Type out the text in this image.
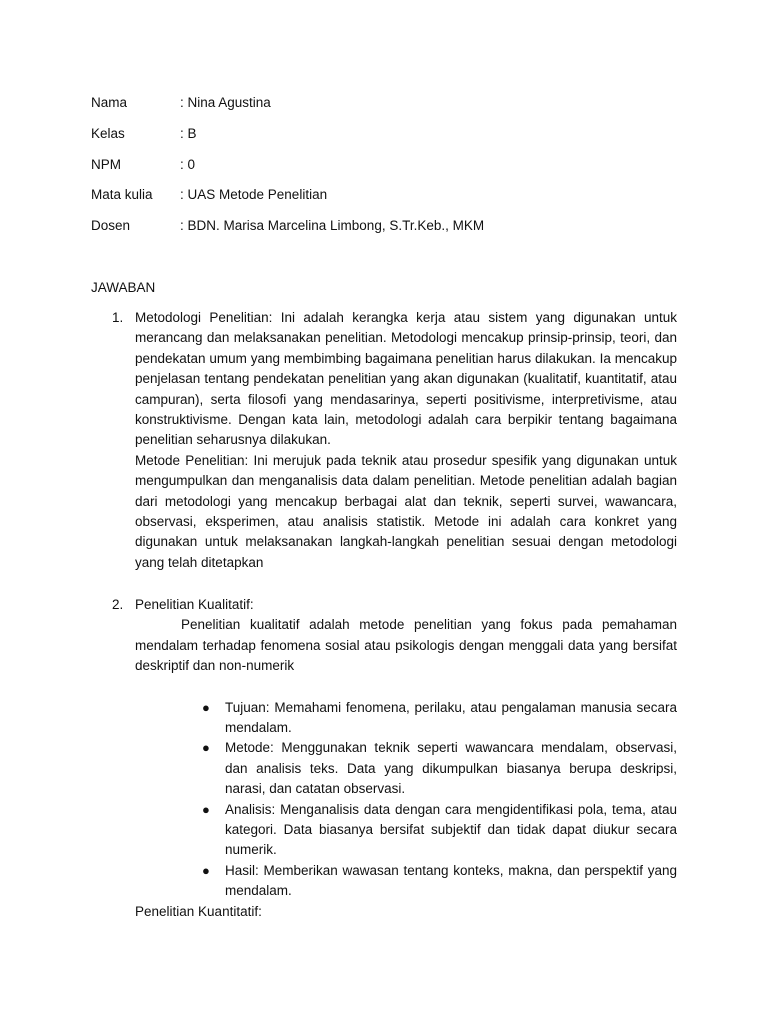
Nama	: Nina Agustina
Kelas	: B
NPM	: 0
Mata kulia	: UAS Metode Penelitian
Dosen	: BDN. Marisa Marcelina Limbong, S.Tr.Keb., MKM
JAWABAN
1. Metodologi Penelitian: Ini adalah kerangka kerja atau sistem yang digunakan untuk merancang dan melaksanakan penelitian. Metodologi mencakup prinsip-prinsip, teori, dan pendekatan umum yang membimbing bagaimana penelitian harus dilakukan. Ia mencakup penjelasan tentang pendekatan penelitian yang akan digunakan (kualitatif, kuantitatif, atau campuran), serta filosofi yang mendasarinya, seperti positivisme, interpretivisme, atau konstruktivisme. Dengan kata lain, metodologi adalah cara berpikir tentang bagaimana penelitian seharusnya dilakukan.
Metode Penelitian: Ini merujuk pada teknik atau prosedur spesifik yang digunakan untuk mengumpulkan dan menganalisis data dalam penelitian. Metode penelitian adalah bagian dari metodologi yang mencakup berbagai alat dan teknik, seperti survei, wawancara, observasi, eksperimen, atau analisis statistik. Metode ini adalah cara konkret yang digunakan untuk melaksanakan langkah-langkah penelitian sesuai dengan metodologi yang telah ditetapkan
2. Penelitian Kualitatif:
Penelitian kualitatif adalah metode penelitian yang fokus pada pemahaman mendalam terhadap fenomena sosial atau psikologis dengan menggali data yang bersifat deskriptif dan non-numerik
● Tujuan: Memahami fenomena, perilaku, atau pengalaman manusia secara mendalam.
● Metode: Menggunakan teknik seperti wawancara mendalam, observasi, dan analisis teks. Data yang dikumpulkan biasanya berupa deskripsi, narasi, dan catatan observasi.
● Analisis: Menganalisis data dengan cara mengidentifikasi pola, tema, atau kategori. Data biasanya bersifat subjektif dan tidak dapat diukur secara numerik.
● Hasil: Memberikan wawasan tentang konteks, makna, dan perspektif yang mendalam.
Penelitian Kuantitatif:
